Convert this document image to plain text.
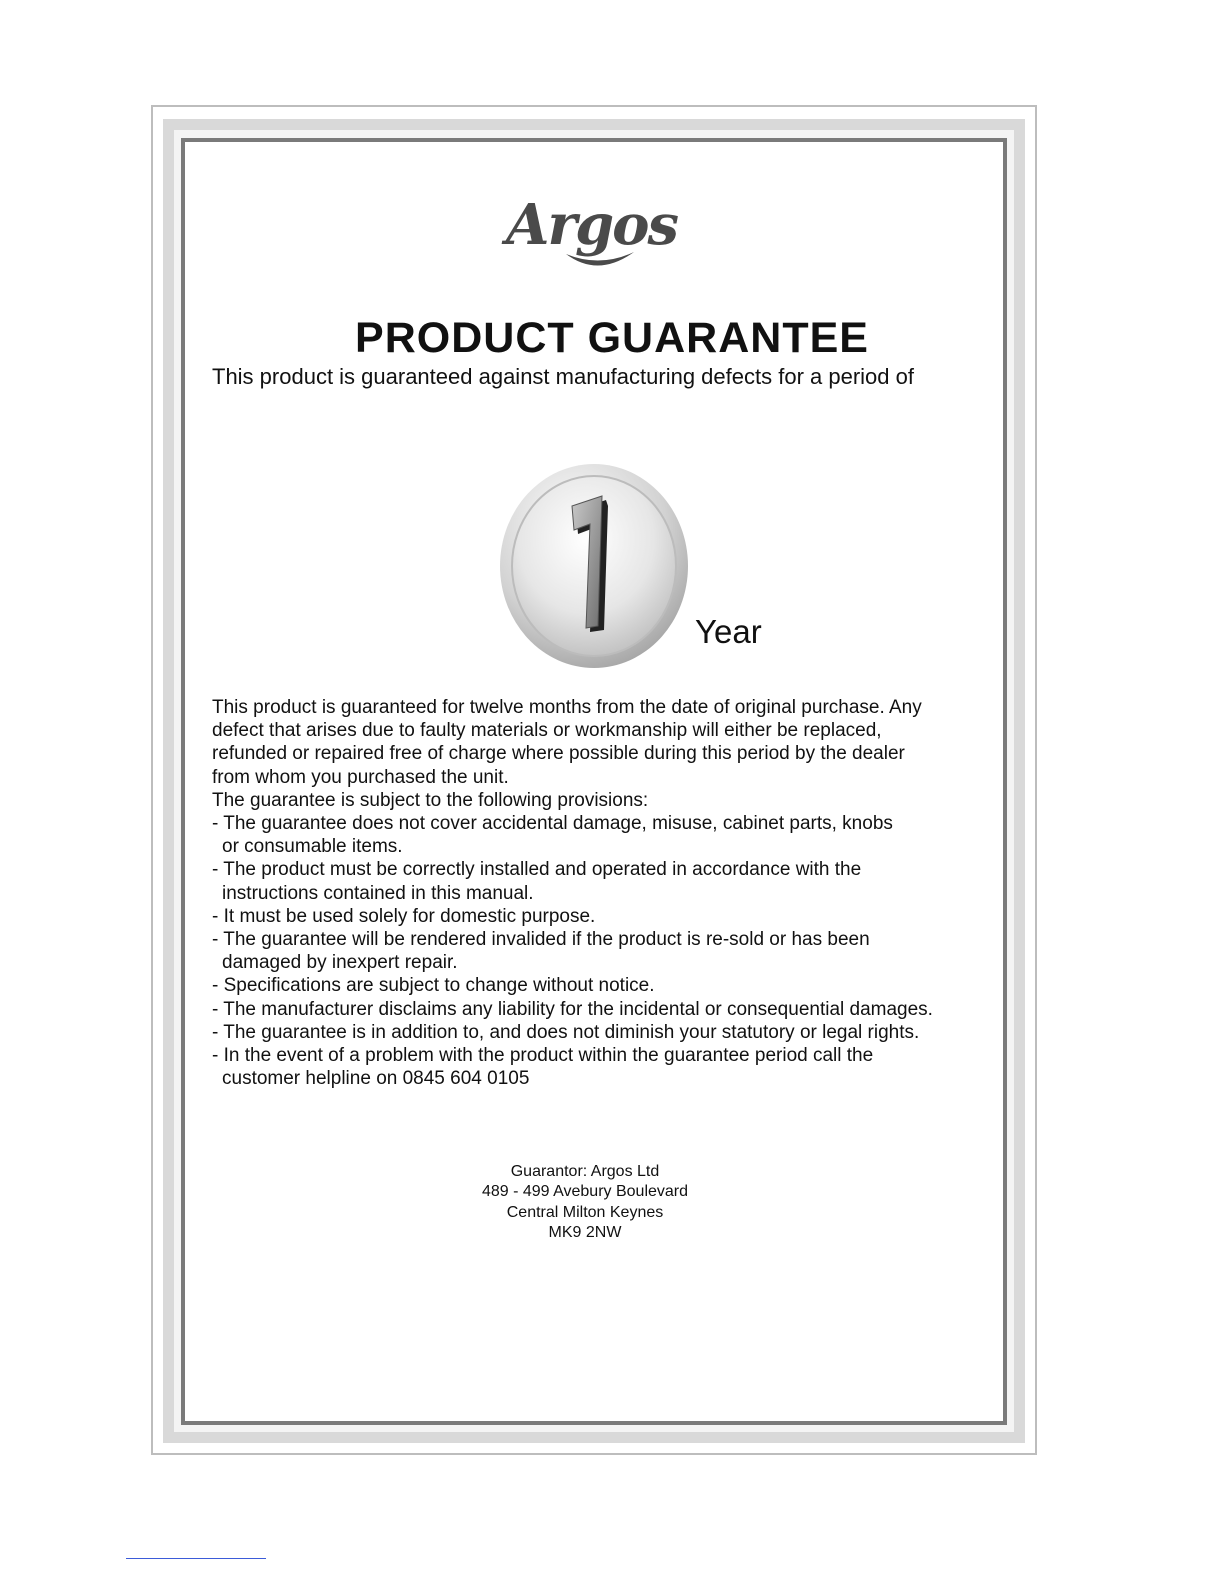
Argos
PRODUCT GUARANTEE

This product is guaranteed against manufacturing defects for a period of

1

Year

This product is guaranteed for twelve months from the date of original purchase. Any

defect that arises due to faulty materials or workmanship will either be replaced,

refunded or repaired free of charge where possible during this period by the dealer

from whom you purchased the unit.

The guarantee is subject to the following provisions:

- The guarantee does not cover accidental damage, misuse, cabinet parts, knobs

or consumable items.

- The product must be correctly installed and operated in accordance with the

instructions contained in this manual.

- It must be used solely for domestic purpose.

- The guarantee will be rendered invalided if the product is re-sold or has been

damaged by inexpert repair.

- Specifications are subject to change without notice.

- The manufacturer disclaims any liability for the incidental or consequential damages.

- The guarantee is in addition to, and does not diminish your statutory or legal rights.

- In the event of a problem with the product within the guarantee period call the

customer helpline on 0845 604 0105

Guarantor: Argos Ltd
489 - 499 Avebury Boulevard
Central Milton Keynes
MK9 2NW
